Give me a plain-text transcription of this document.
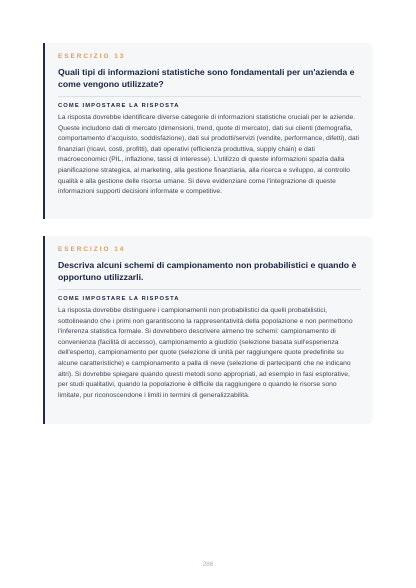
ESERCIZIO 13
Quali tipi di informazioni statistiche sono fondamentali per un'azienda e come vengono utilizzate?
COME IMPOSTARE LA RISPOSTA

La risposta dovrebbe identificare diverse categorie di informazioni statistiche cruciali per le aziende. Queste includono dati di mercato (dimensioni, trend, quote di mercato), dati sui clienti (demografia, comportamento d'acquisto, soddisfazione), dati sui prodotti/servizi (vendite, performance, difetti), dati finanziari (ricavi, costi, profitti), dati operativi (efficienza produttiva, supply chain) e dati macroeconomici (PIL, inflazione, tassi di interesse). L'utilizzo di queste informazioni spazia dalla pianificazione strategica, al marketing, alla gestione finanziaria, alla ricerca e sviluppo, al controllo qualità e alla gestione delle risorse umane. Si deve evidenziare come l'integrazione di queste informazioni supporti decisioni informate e competitive.

ESERCIZIO 14
Descriva alcuni schemi di campionamento non probabilistici e quando è opportuno utilizzarli.
COME IMPOSTARE LA RISPOSTA

La risposta dovrebbe distinguere i campionamenti non probabilistici da quelli probabilistici, sottolineando che i primi non garantiscono la rappresentatività della popolazione e non permettono l'inferenza statistica formale. Si dovrebbero descrivere almeno tre schemi: campionamento di convenienza (facilità di accesso), campionamento a giudizio (selezione basata sull'esperienza dell'esperto), campionamento per quote (selezione di unità per raggiungere quote predefinite su alcune caratteristiche) e campionamento a palla di neve (selezione di partecipanti che ne indicano altri). Si dovrebbe spiegare quando questi metodi sono appropriati, ad esempio in fasi esplorative, per studi qualitativi, quando la popolazione è difficile da raggiungere o quando le risorse sono limitate, pur riconoscendone i limiti in termini di generalizzabilità.

286
